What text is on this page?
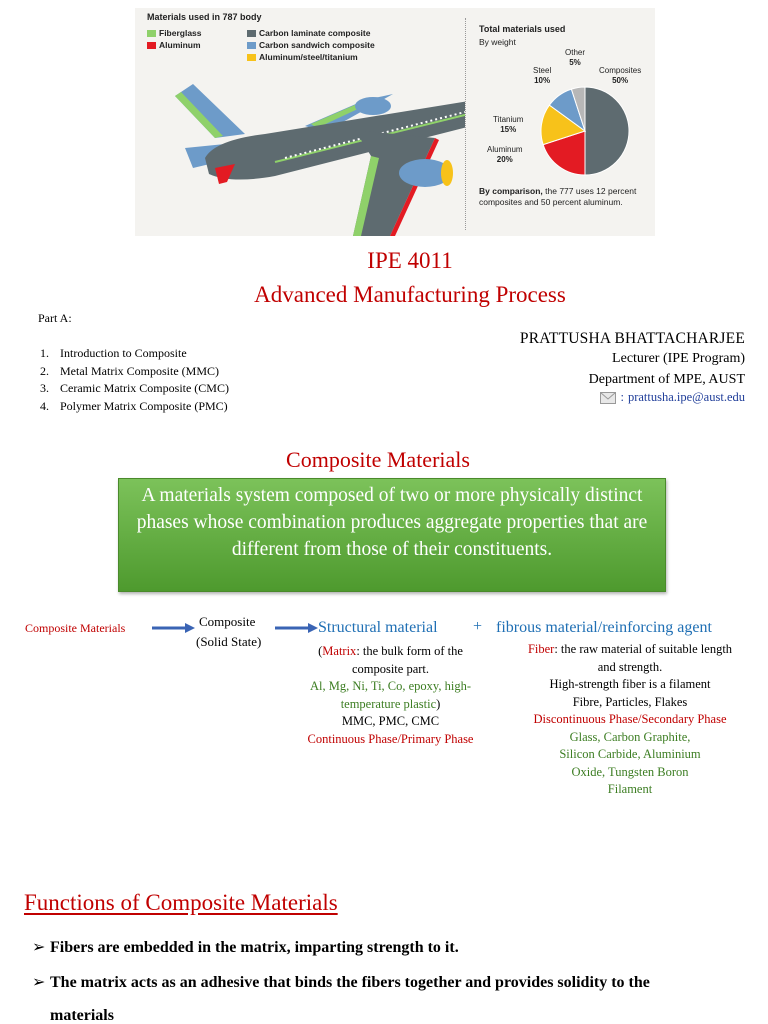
Materials used in 787 body
Fiberglass
Aluminum
Carbon laminate composite
Carbon sandwich composite
Aluminum/steel/titanium
Total materials used
By weight
Composites
50%
Aluminum
20%
Titanium
15%
Steel
10%
Other
5%
By comparison, the 777 uses 12 percent
composites and 50 percent aluminum.
IPE 4011
Advanced Manufacturing Process
Part A:
1. Introduction to Composite
2. Metal Matrix Composite (MMC)
3. Ceramic Matrix Composite (CMC)
4. Polymer Matrix Composite (PMC)
PRATTUSHA BHATTACHARJEE
Lecturer (IPE Program)
Department of MPE, AUST
: prattusha.ipe@aust.edu
Composite Materials
A materials system composed of two or more physically distinct phases whose combination produces aggregate properties that are different from those of their constituents.
Composite Materials	Composite
(Solid State)
Structural material + fibrous material/reinforcing agent
(Matrix: the bulk form of the
composite part.
Al, Mg, Ni, Ti, Co, epoxy, high-
temperature plastic)
MMC, PMC, CMC
Continuous Phase/Primary Phase
Fiber: the raw material of suitable length
and strength.
High-strength fiber is a filament
Fibre, Particles, Flakes
Discontinuous Phase/Secondary Phase
Glass, Carbon Graphite,
Silicon Carbide, Aluminium
Oxide, Tungsten Boron
Filament
Functions of Composite Materials
➢ Fibers are embedded in the matrix, imparting strength to it.
➢ The matrix acts as an adhesive that binds the fibers together and provides solidity to the
materials
